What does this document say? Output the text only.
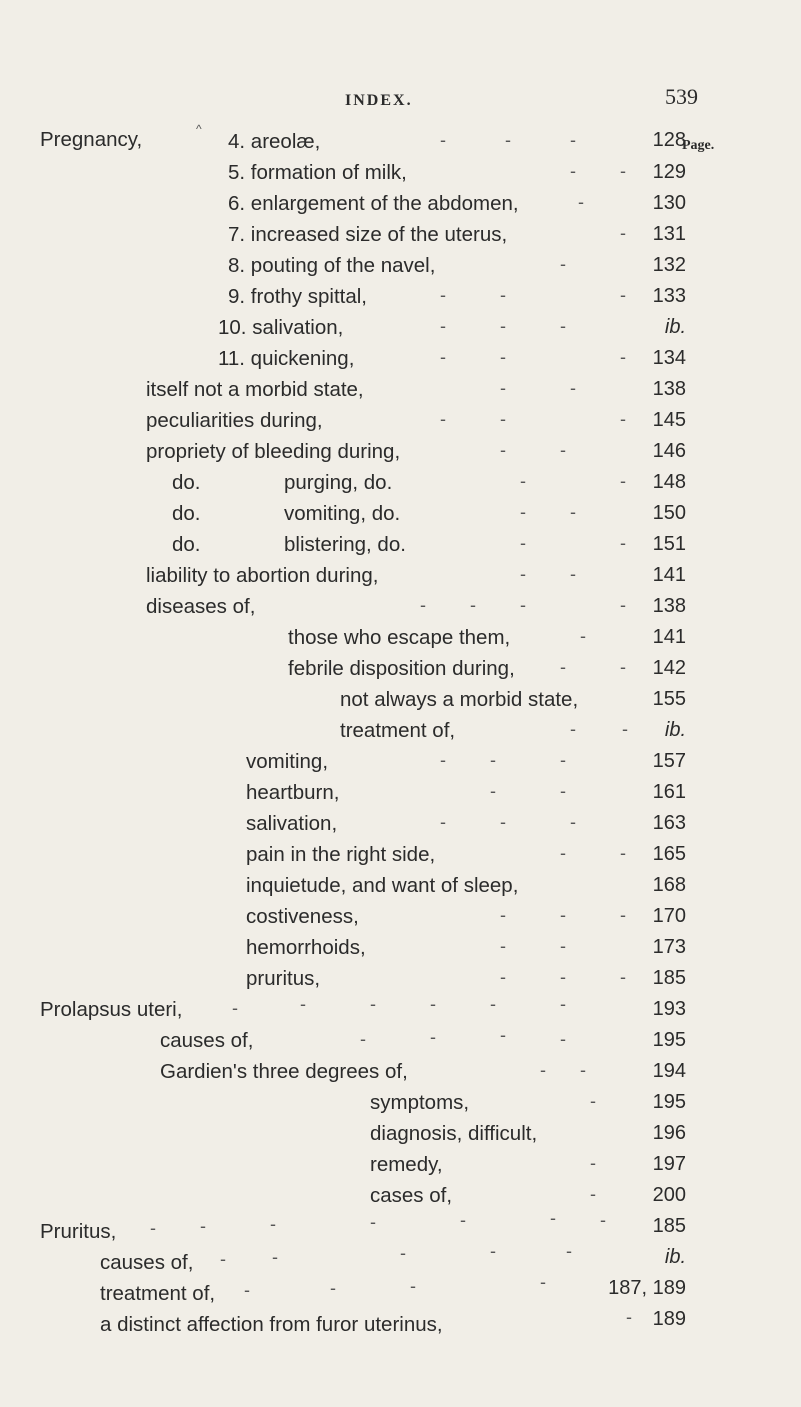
INDEX.	539
Page.
^
Pregnancy,	4. areolæ,	128
5. formation of milk,	129
6. enlargement of the abdomen,	130
7. increased size of the uterus,	131
8. pouting of the navel,	132
9. frothy spittal,	133
10. salivation,	ib.
11. quickening,	134
itself not a morbid state,	138
peculiarities during,	145
propriety of bleeding during,	146
do.	purging, do.	148
do.	vomiting, do.	150
do.	blistering, do.	151
liability to abortion during,	141
diseases of,	138
those who escape them,	141
febrile disposition during,	142
not always a morbid state,	155
treatment of,	ib.
vomiting,	157
heartburn,	161
salivation,	163
pain in the right side,	165
inquietude, and want of sleep,	168
costiveness,	170
hemorrhoids,	173
pruritus,	185
Prolapsus uteri,	193
causes of,	195
Gardien's three degrees of,	194
symptoms,	195
diagnosis, difficult,	196
remedy,	197
cases of,	200
Pruritus,	185
causes of,	ib.
treatment of,	187, 189
a distinct affection from furor uterinus,	189
-	-	-
- -
-
-
-
-	-	-
-	-	-
-	-	-
-	-
-	-	-
-	-
-	-
- -
-	-
- -
- - -	-
-
-	-
-	-
- -	-
-	-
-	-	-
-	-
-	-	-
-	-
-	-	-
-	-	-	-	-	-
-	-	-	-
- -
-
-
-
- -	-	-	-	- -
-	-	-	-	-
-	-	-	-
-
